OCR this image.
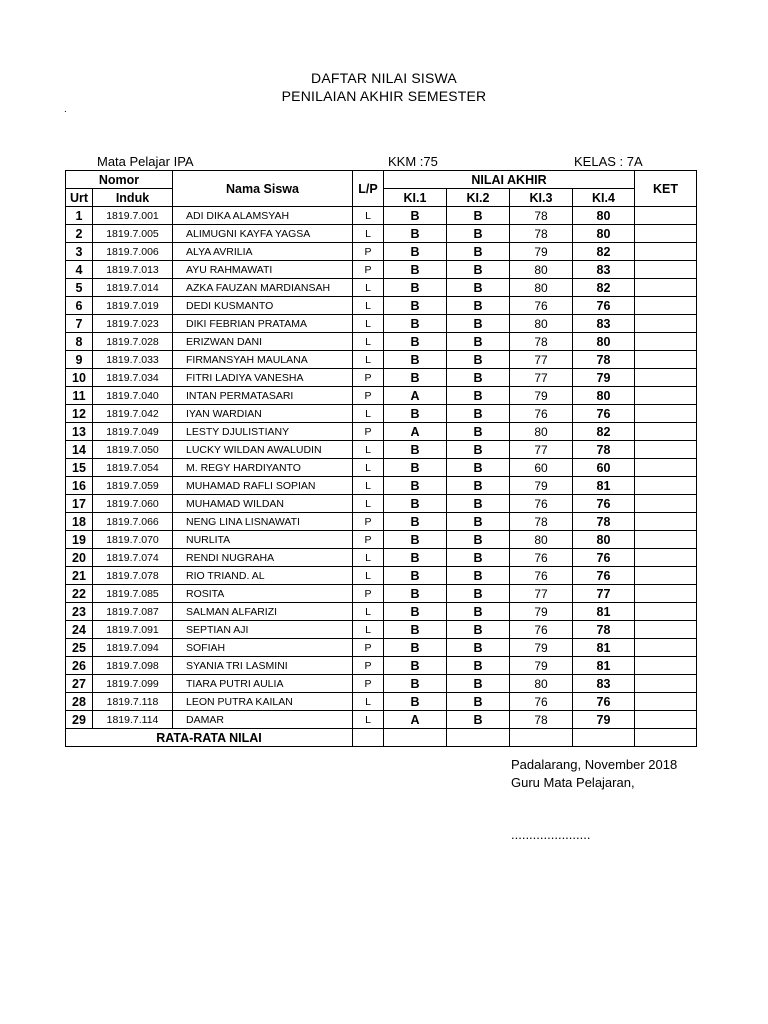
DAFTAR NILAI SISWA
PENILAIAN AKHIR SEMESTER
.
Mata Pelajar IPA	KKM :75	KELAS : 7A
Nomor		Nama Siswa	L/P	NILAI AKHIR				KET
Urt	Induk			KI.1	KI.2	KI.3	KI.4	
1	1819.7.001	ADI DIKA ALAMSYAH	L	B	B	78	80	
2	1819.7.005	ALIMUGNI KAYFA YAGSA	L	B	B	78	80	
3	1819.7.006	ALYA AVRILIA	P	B	B	79	82	
4	1819.7.013	AYU RAHMAWATI	P	B	B	80	83	
5	1819.7.014	AZKA FAUZAN MARDIANSAH	L	B	B	80	82	
6	1819.7.019	DEDI KUSMANTO	L	B	B	76	76	
7	1819.7.023	DIKI FEBRIAN PRATAMA	L	B	B	80	83	
8	1819.7.028	ERIZWAN DANI	L	B	B	78	80	
9	1819.7.033	FIRMANSYAH MAULANA	L	B	B	77	78	
10	1819.7.034	FITRI LADIYA VANESHA	P	B	B	77	79	
11	1819.7.040	INTAN PERMATASARI	P	A	B	79	80	
12	1819.7.042	IYAN WARDIAN	L	B	B	76	76	
13	1819.7.049	LESTY DJULISTIANY	P	A	B	80	82	
14	1819.7.050	LUCKY WILDAN AWALUDIN	L	B	B	77	78	
15	1819.7.054	M. REGY HARDIYANTO	L	B	B	60	60	
16	1819.7.059	MUHAMAD RAFLI SOPIAN	L	B	B	79	81	
17	1819.7.060	MUHAMAD WILDAN	L	B	B	76	76	
18	1819.7.066	NENG LINA LISNAWATI	P	B	B	78	78	
19	1819.7.070	NURLITA	P	B	B	80	80	
20	1819.7.074	RENDI NUGRAHA	L	B	B	76	76	
21	1819.7.078	RIO TRIAND. AL	L	B	B	76	76	
22	1819.7.085	ROSITA	P	B	B	77	77	
23	1819.7.087	SALMAN ALFARIZI	L	B	B	79	81	
24	1819.7.091	SEPTIAN AJI	L	B	B	76	78	
25	1819.7.094	SOFIAH	P	B	B	79	81	
26	1819.7.098	SYANIA TRI LASMINI	P	B	B	79	81	
27	1819.7.099	TIARA PUTRI AULIA	P	B	B	80	83	
28	1819.7.118	LEON PUTRA KAILAN	L	B	B	76	76	
29	1819.7.114	DAMAR	L	A	B	78	79	
RATA-RATA NILAI								
Padalarang, November 2018
Guru Mata Pelajaran,
......................
